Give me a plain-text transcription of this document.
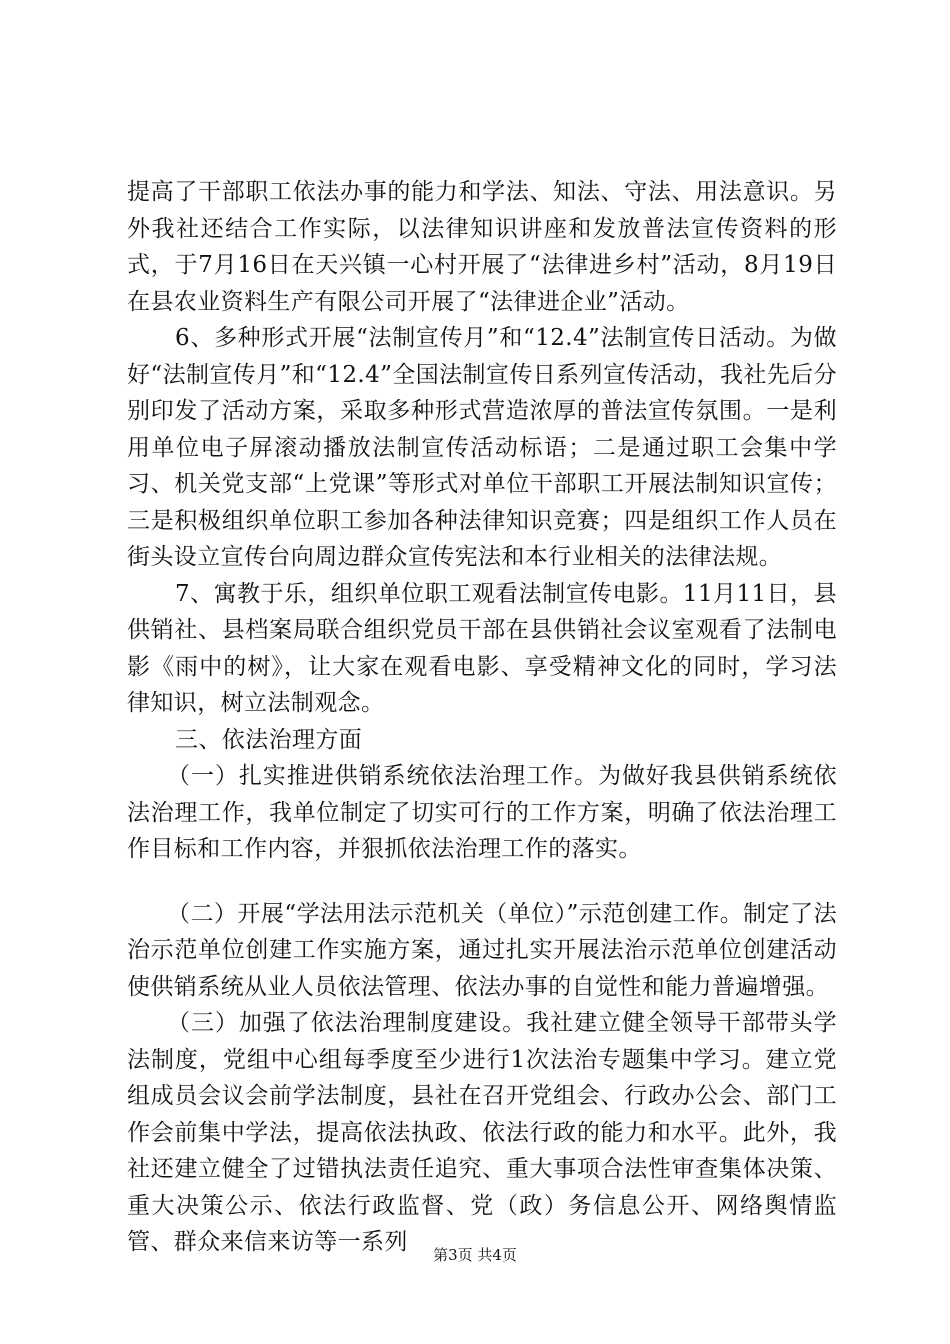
提高了干部职工依法办事的能力和学法、知法、守法、用法意识。另外我社还结合工作实际，以法律知识讲座和发放普法宣传资料的形式，于7月16日在天兴镇一心村开展了“法律进乡村”活动，8月19日在县农业资料生产有限公司开展了“法律进企业”活动。

6、多种形式开展“法制宣传月”和“12.4”法制宣传日活动。为做好“法制宣传月”和“12.4”全国法制宣传日系列宣传活动，我社先后分别印发了活动方案，采取多种形式营造浓厚的普法宣传氛围。一是利用单位电子屏滚动播放法制宣传活动标语；二是通过职工会集中学习、机关党支部“上党课”等形式对单位干部职工开展法制知识宣传；三是积极组织单位职工参加各种法律知识竞赛；四是组织工作人员在街头设立宣传台向周边群众宣传宪法和本行业相关的法律法规。

7、寓教于乐，组织单位职工观看法制宣传电影。11月11日，县供销社、县档案局联合组织党员干部在县供销社会议室观看了法制电影《雨中的树》，让大家在观看电影、享受精神文化的同时，学习法律知识，树立法制观念。

三、依法治理方面

（一）扎实推进供销系统依法治理工作。为做好我县供销系统依法治理工作，我单位制定了切实可行的工作方案，明确了依法治理工作目标和工作内容，并狠抓依法治理工作的落实。

（二）开展“学法用法示范机关（单位）”示范创建工作。制定了法治示范单位创建工作实施方案，通过扎实开展法治示范单位创建活动使供销系统从业人员依法管理、依法办事的自觉性和能力普遍增强。

（三）加强了依法治理制度建设。我社建立健全领导干部带头学法制度，党组中心组每季度至少进行1次法治专题集中学习。建立党组成员会议会前学法制度，县社在召开党组会、行政办公会、部门工作会前集中学法，提高依法执政、依法行政的能力和水平。此外，我社还建立健全了过错执法责任追究、重大事项合法性审查集体决策、重大决策公示、依法行政监督、党（政）务信息公开、网络舆情监管、群众来信来访等一系列	第3页 共4页
